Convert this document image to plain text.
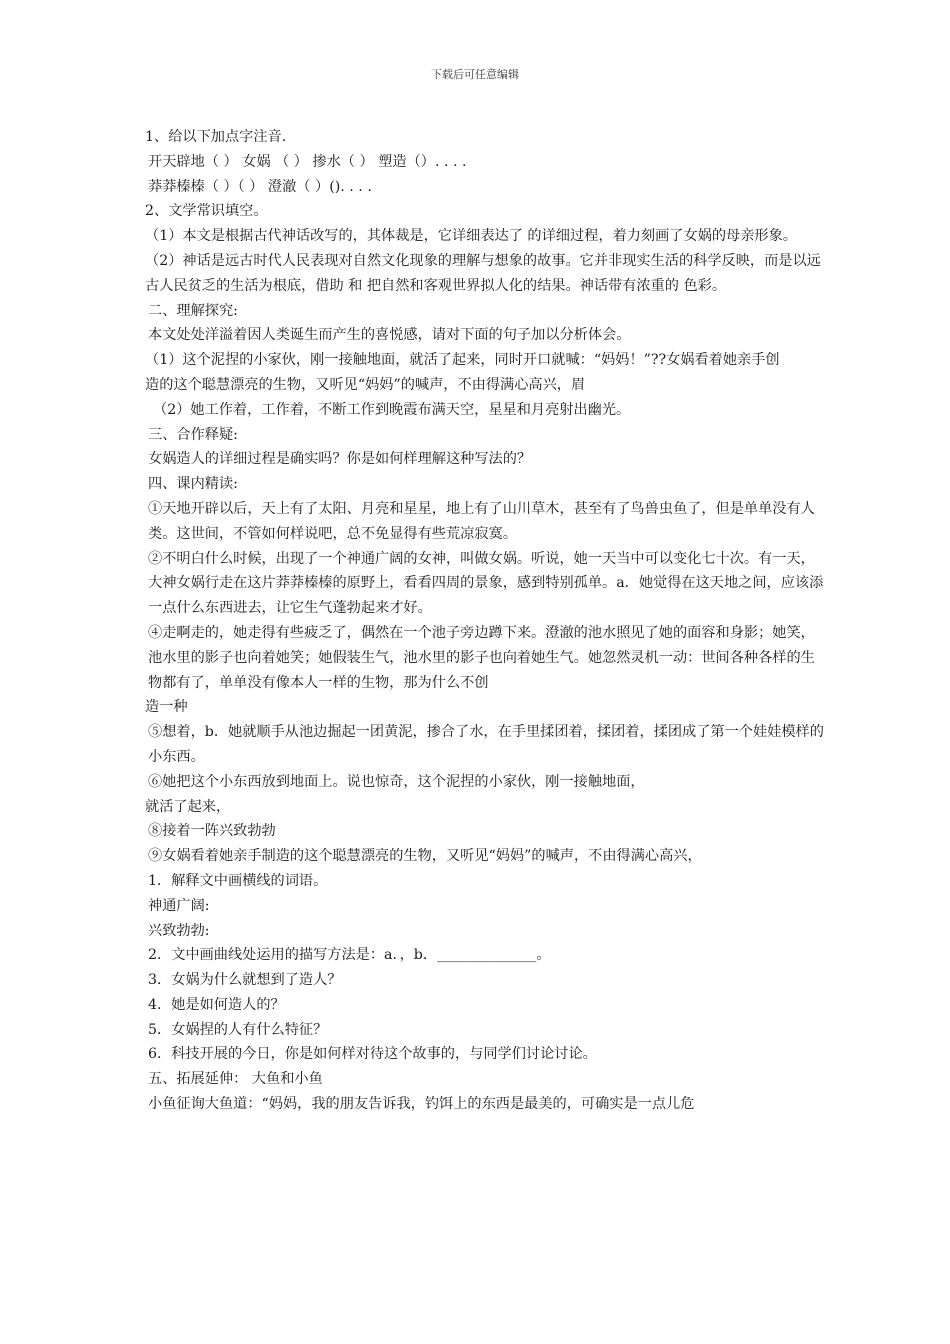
下载后可任意编辑
1、给以下加点字注音.
开天辟地（ ） 女娲 （ ） 掺水（ ） 塑造（）. . . .
莽莽榛榛（ ）（ ） 澄澈（ ）(). . . .
2、文学常识填空。
（1）本文是根据古代神话改写的，其体裁是，它详细表达了 的详细过程，着力刻画了女娲的母亲形象。
（2）神话是远古时代人民表现对自然文化现象的理解与想象的故事。它并非现实生活的科学反映，而是以远古人民贫乏的生活为根底，借助 和 把自然和客观世界拟人化的结果。神话带有浓重的 色彩。
二、理解探究:
本文处处洋溢着因人类诞生而产生的喜悦感，请对下面的句子加以分析体会。
（1）这个泥捏的小家伙，刚一接触地面，就活了起来，同时开口就喊：“妈妈！”??女娲看着她亲手创
造的这个聪慧漂亮的生物，又听见“妈妈”的喊声，不由得满心高兴，眉
（2）她工作着，工作着，不断工作到晚霞布满天空，星星和月亮射出幽光。
三、合作释疑:
女娲造人的详细过程是确实吗？你是如何样理解这种写法的？
四、课内精读:
①天地开辟以后，天上有了太阳、月亮和星星，地上有了山川草木，甚至有了鸟兽虫鱼了，但是单单没有人类。这世间，不管如何样说吧，总不免显得有些荒凉寂寞。
②不明白什么时候，出现了一个神通广阔的女神，叫做女娲。听说，她一天当中可以变化七十次。有一天，大神女娲行走在这片莽莽榛榛的原野上，看看四周的景象，感到特别孤单。a．她觉得在这天地之间，应该添一点什么东西进去，让它生气蓬勃起来才好。
④走啊走的，她走得有些疲乏了，偶然在一个池子旁边蹲下来。澄澈的池水照见了她的面容和身影；她笑，池水里的影子也向着她笑；她假装生气，池水里的影子也向着她生气。她忽然灵机一动：世间各种各样的生物都有了，单单没有像本人一样的生物，那为什么不创
造一种
⑤想着，b．她就顺手从池边掘起一团黄泥，掺合了水，在手里揉团着，揉团着，揉团成了第一个娃娃模样的小东西。
⑥她把这个小东西放到地面上。说也惊奇，这个泥捏的小家伙，刚一接触地面，
就活了起来，
⑧接着一阵兴致勃勃
⑨女娲看着她亲手制造的这个聪慧漂亮的生物，又听见“妈妈”的喊声，不由得满心高兴，
1．解释文中画横线的词语。
神通广阔:
兴致勃勃:
2．文中画曲线处运用的描写方法是：a．，b．______________。
3．女娲为什么就想到了造人？
4．她是如何造人的？
5．女娲捏的人有什么特征？
6．科技开展的今日，你是如何样对待这个故事的，与同学们讨论讨论。
五、拓展延伸： 大鱼和小鱼
小鱼征询大鱼道：“妈妈，我的朋友告诉我，钓饵上的东西是最美的，可确实是一点儿危
